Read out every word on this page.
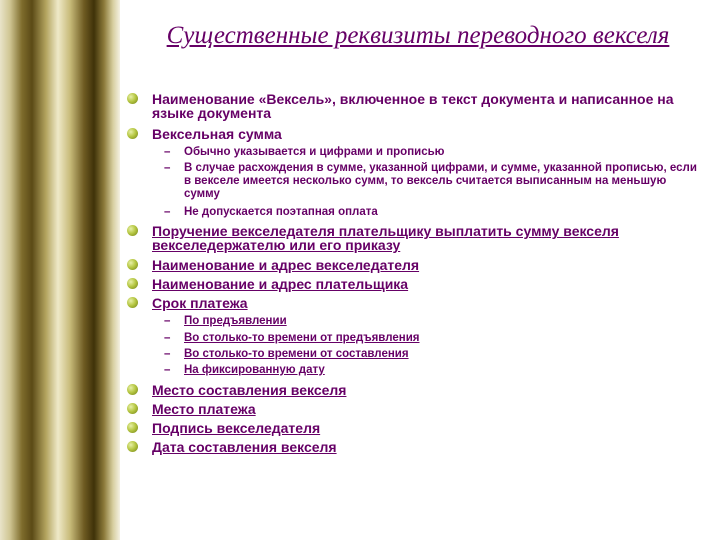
Существенные реквизиты переводного векселя
Наименование «Вексель», включенное в текст документа и написанное на языке документа
Вексельная сумма
– Обычно указывается и цифрами и прописью
– В случае расхождения в сумме, указанной цифрами, и сумме, указанной прописью, если в векселе имеется несколько сумм, то вексель считается выписанным на меньшую сумму
– Не допускается поэтапная оплата
Поручение векселедателя плательщику выплатить сумму векселя векселедержателю или его приказу
Наименование и адрес векселедателя
Наименование и адрес плательщика
Срок платежа
– По предъявлении
– Во столько-то времени от предъявления
– Во столько-то времени от составления
– На фиксированную дату
Место составления векселя
Место платежа
Подпись векселедателя
Дата составления векселя
